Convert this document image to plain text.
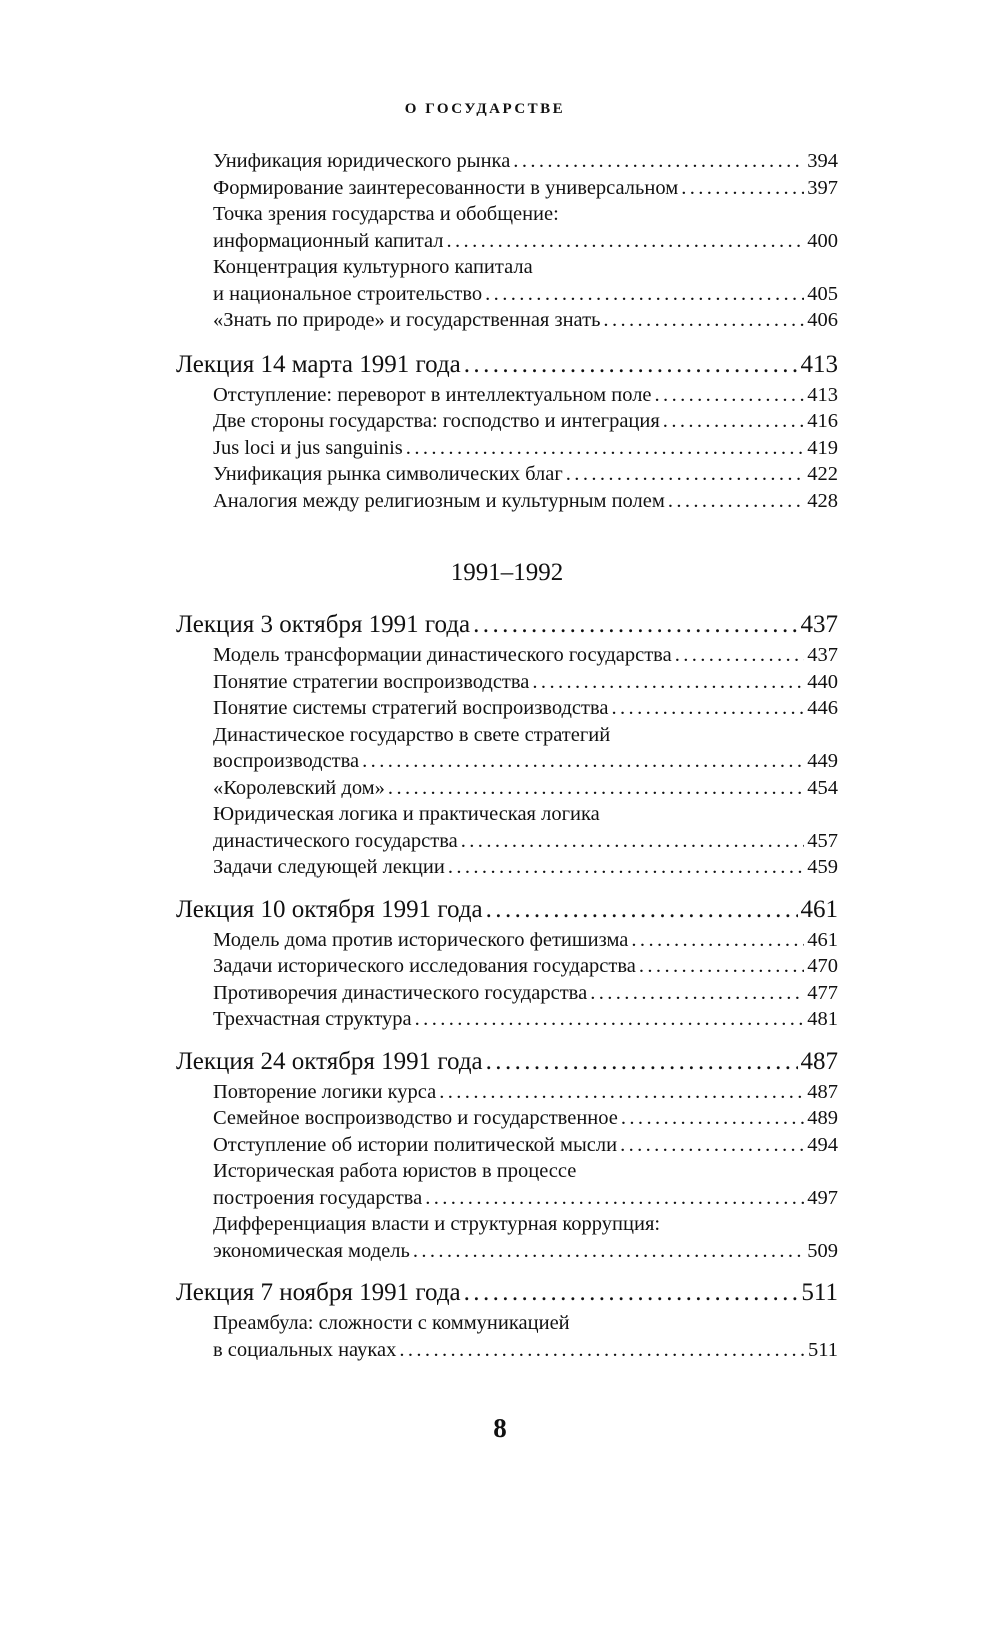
О ГОСУДАРСТВЕ
Унификация юридического рынка .....	394
Формирование заинтересованности в универсальном .....	397
Точка зрения государства и обобщение:
информационный капитал .....	400
Концентрация культурного капитала
и национальное строительство .....	405
«Знать по природе» и государственная знать .....	406
Лекция 14 марта 1991 года .....	413
Отступление: переворот в интеллектуальном поле .....	413
Две стороны государства: господство и интеграция .....	416
Jus loci и jus sanguinis .....	419
Унификация рынка символических благ .....	422
Аналогия между религиозным и культурным полем .....	428
1991–1992
Лекция 3 октября 1991 года .....	437
Модель трансформации династического государства .....	437
Понятие стратегии воспроизводства .....	440
Понятие системы стратегий воспроизводства .....	446
Династическое государство в свете стратегий
воспроизводства .....	449
«Королевский дом» .....	454
Юридическая логика и практическая логика
династического государства .....	457
Задачи следующей лекции .....	459
Лекция 10 октября 1991 года .....	461
Модель дома против исторического фетишизма .....	461
Задачи исторического исследования государства .....	470
Противоречия династического государства .....	477
Трехчастная структура .....	481
Лекция 24 октября 1991 года .....	487
Повторение логики курса .....	487
Семейное воспроизводство и государственное .....	489
Отступление об истории политической мысли .....	494
Историческая работа юристов в процессе
построения государства .....	497
Дифференциация власти и структурная коррупция:
экономическая модель .....	509
Лекция 7 ноября 1991 года .....	511
Преамбула: сложности с коммуникацией
в социальных науках .....	511
8
